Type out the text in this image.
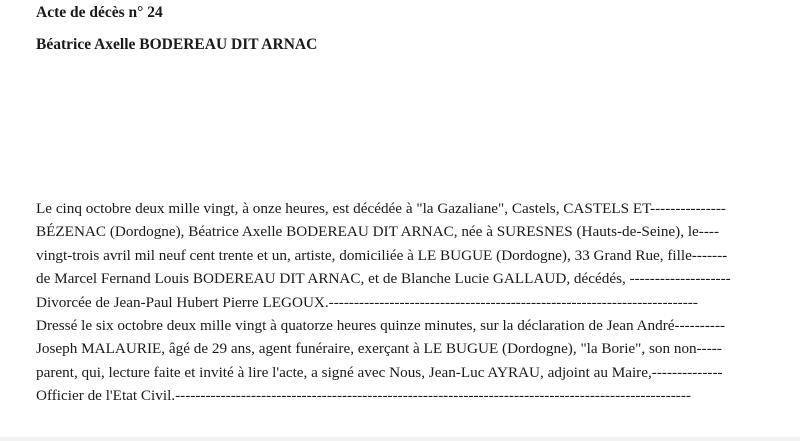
Acte de décès n° 24
Béatrice Axelle BODEREAU DIT ARNAC
Le cinq octobre deux mille vingt, à onze heures, est décédée à "la Gazaliane", Castels, CASTELS ET---------------
BÉZENAC (Dordogne), Béatrice Axelle BODEREAU DIT ARNAC, née à SURESNES (Hauts-de-Seine), le----
vingt-trois avril mil neuf cent trente et un, artiste, domiciliée à LE BUGUE (Dordogne), 33 Grand Rue, fille-------
de Marcel Fernand Louis BODEREAU DIT ARNAC, et de Blanche Lucie GALLAUD, décédés, --------------------
Divorcée de Jean-Paul Hubert Pierre LEGOUX.-------------------------------------------------------------------------
Dressé le six octobre deux mille vingt à quatorze heures quinze minutes, sur la déclaration de Jean André----------
Joseph MALAURIE, âgé de 29 ans, agent funéraire, exerçant à LE BUGUE (Dordogne), "la Borie", son non-----
parent, qui, lecture faite et invité à lire l'acte, a signé avec Nous, Jean-Luc AYRAU, adjoint au Maire,--------------
Officier de l'Etat Civil.------------------------------------------------------------------------------------------------------
